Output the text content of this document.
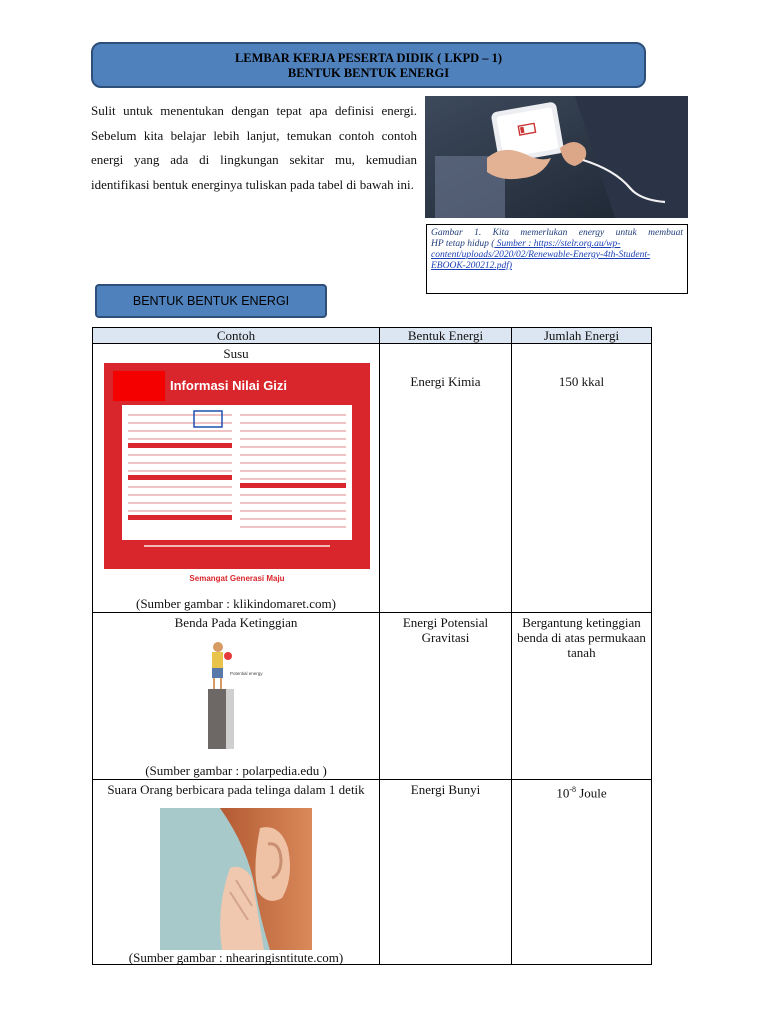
LEMBAR KERJA PESERTA DIDIK ( LKPD – 1)
BENTUK BENTUK ENERGI

Sulit untuk menentukan dengan tepat apa definisi energi. Sebelum kita belajar lebih lanjut, temukan contoh contoh energi yang ada di lingkungan sekitar mu, kemudian identifikasi bentuk energinya tuliskan pada tabel di bawah ini.

Gambar 1. Kita memerlukan energy untuk membuat
HP tetap hidup ( Sumber : https://stelr.org.au/wp-content/uploads/2020/02/Renewable-Energy-4th-Student-EBOOK-200212.pdf)
BENTUK BENTUK ENERGI
Contoh	Bentuk Energi	Jumlah Energi

Susu
Informasi Nilai Gizi
Semangat Generasi Maju
(Sumber gambar : klikindomaret.com)	Energi Kimia	150 kkal

Benda Pada Ketinggian
Potential energy
(Sumber gambar : polarpedia.edu )	Energi Potensial Gravitasi	Bergantung ketinggian benda di atas permukaan tanah

Suara Orang berbicara pada telinga dalam 1 detik
(Sumber gambar : nhearingisntitute.com)	Energi Bunyi	$10^{-8}$ Joule
